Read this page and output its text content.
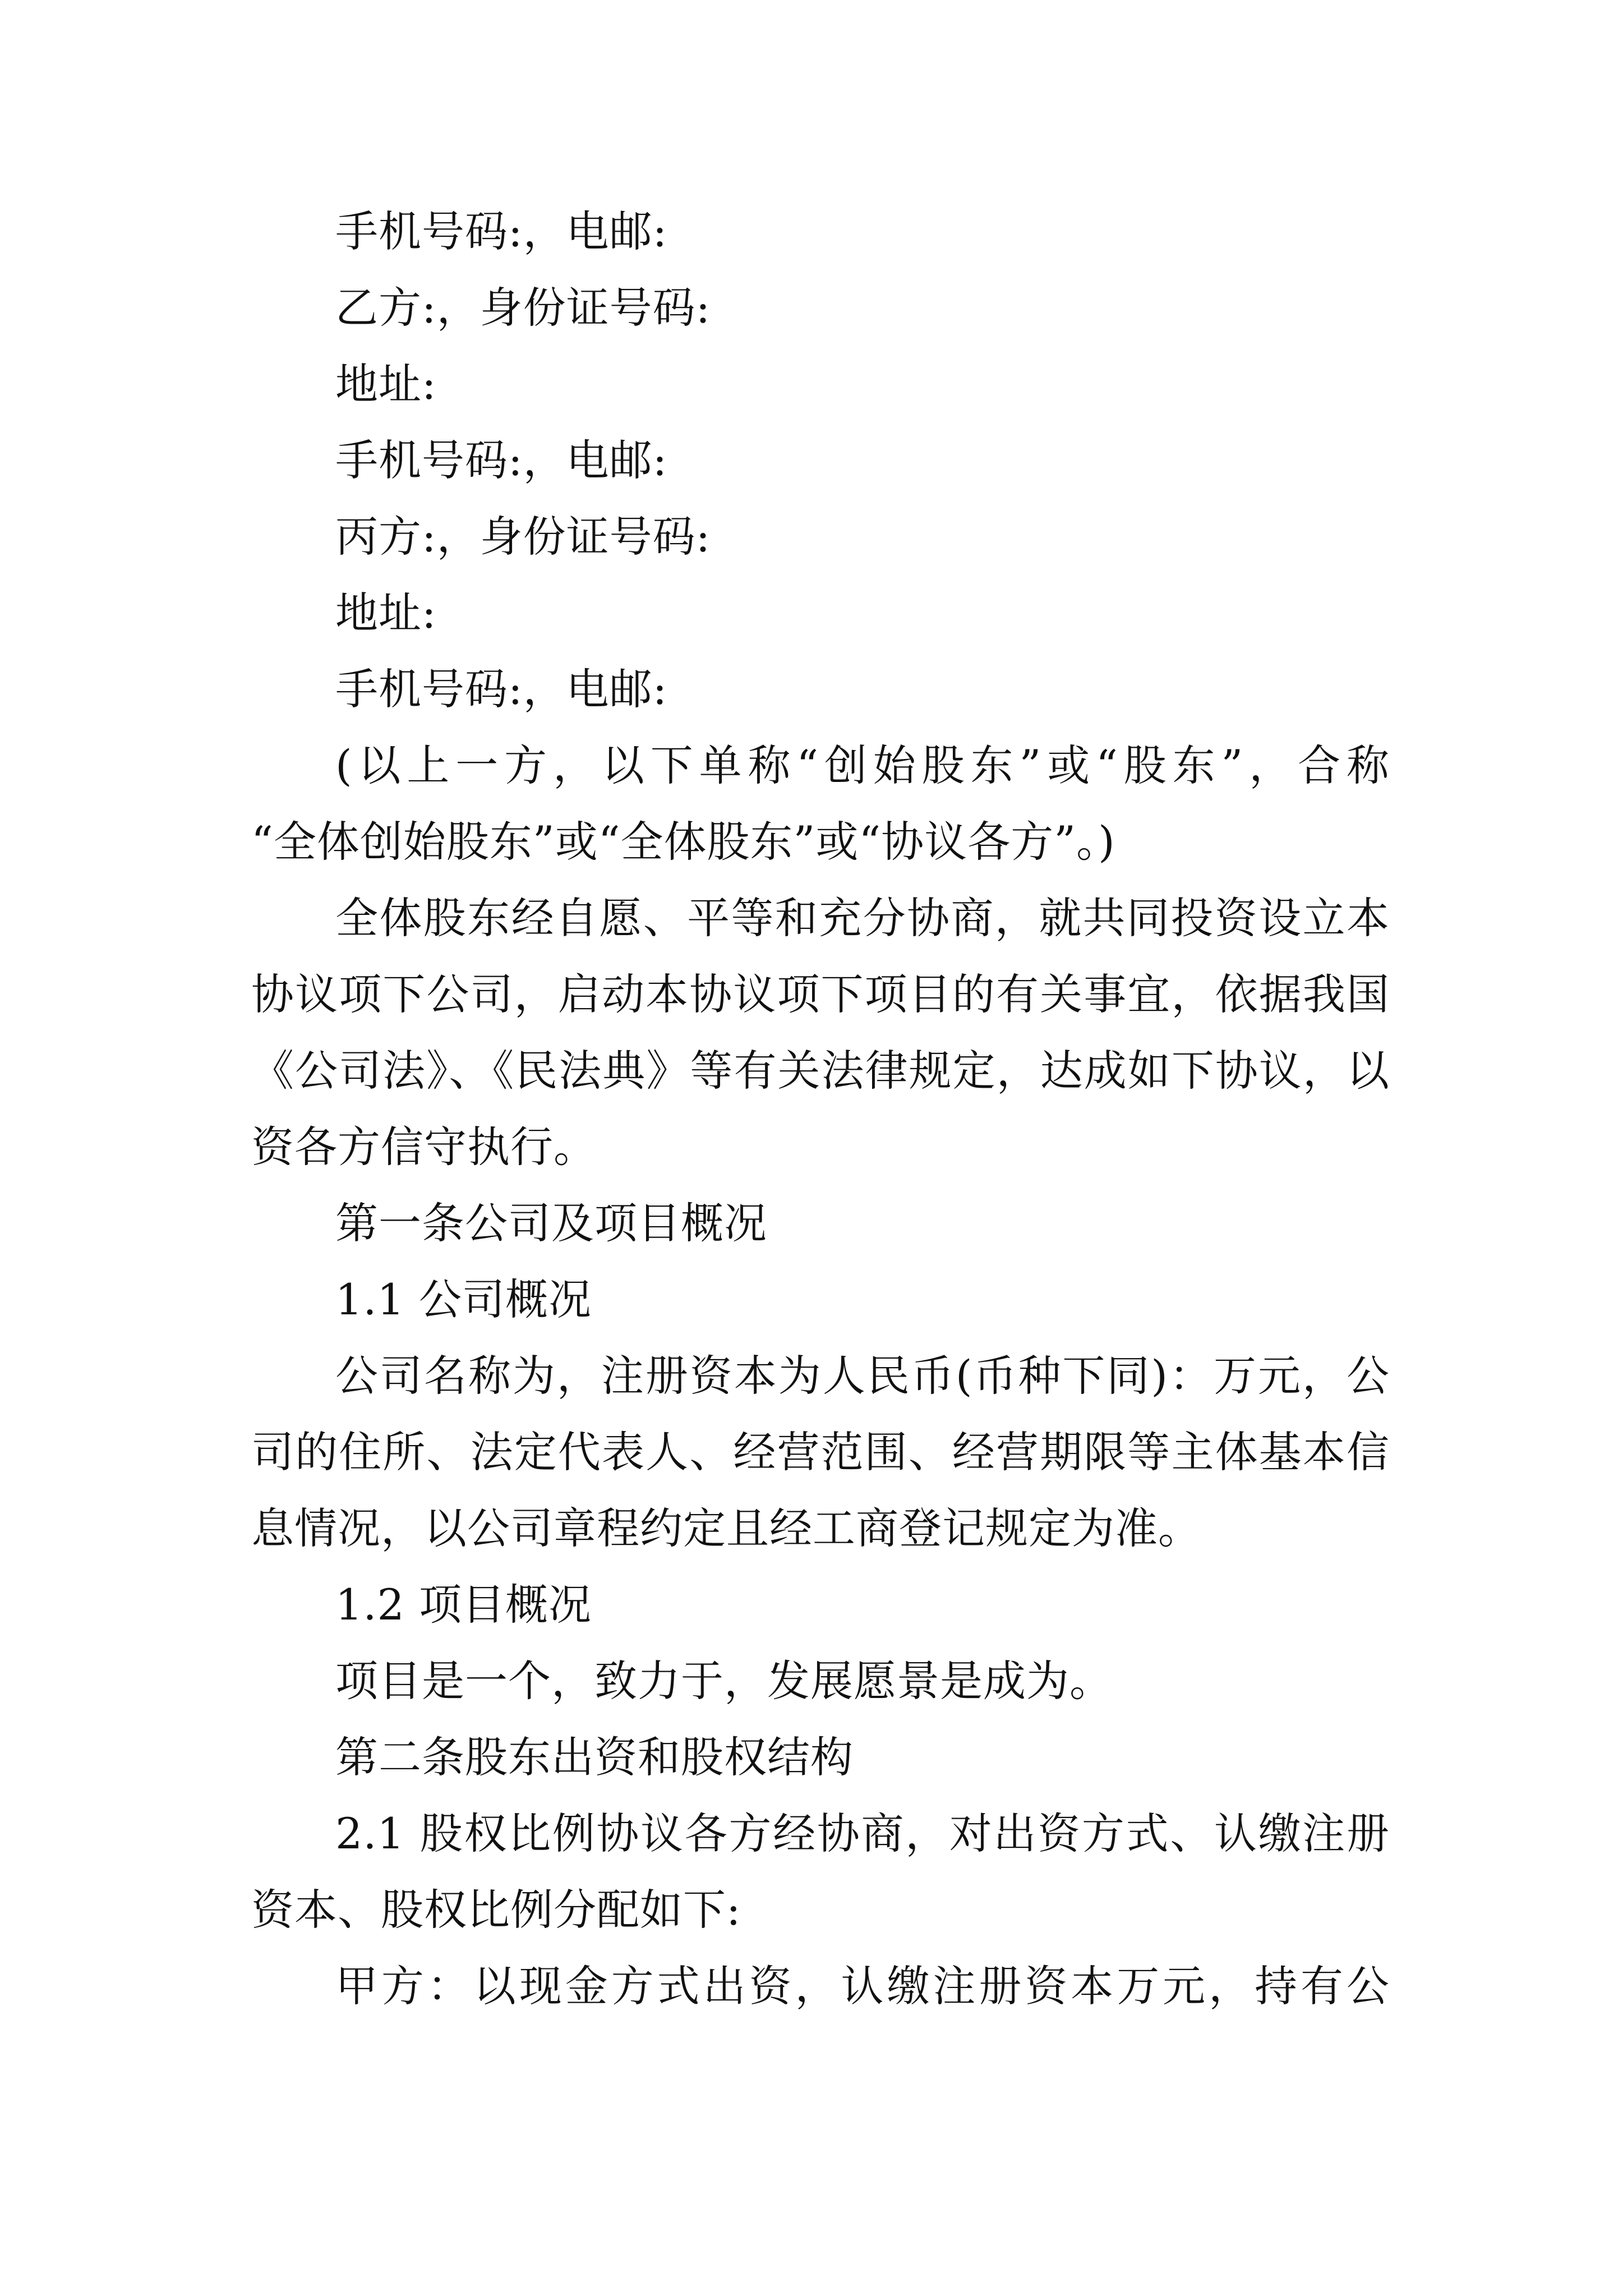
手机号码:，电邮:
乙方:，身份证号码:
地址:
手机号码:，电邮:
丙方:，身份证号码:
地址:
手机号码:，电邮:
(以上一方，以下单称“创始股东”或“股东”，合称
“全体创始股东”或“全体股东”或“协议各方”。)
全体股东经自愿、平等和充分协商，就共同投资设立本
协议项下公司，启动本协议项下项目的有关事宜，依据我国
《公司法》、《民法典》等有关法律规定，达成如下协议，以
资各方信守执行。
第一条公司及项目概况
1.1 公司概况
公司名称为，注册资本为人民币(币种下同)：万元，公
司的住所、法定代表人、经营范围、经营期限等主体基本信
息情况，以公司章程约定且经工商登记规定为准。
1.2 项目概况
项目是一个，致力于，发展愿景是成为。
第二条股东出资和股权结构
2.1 股权比例协议各方经协商，对出资方式、认缴注册
资本、股权比例分配如下:
甲方：以现金方式出资，认缴注册资本万元，持有公
